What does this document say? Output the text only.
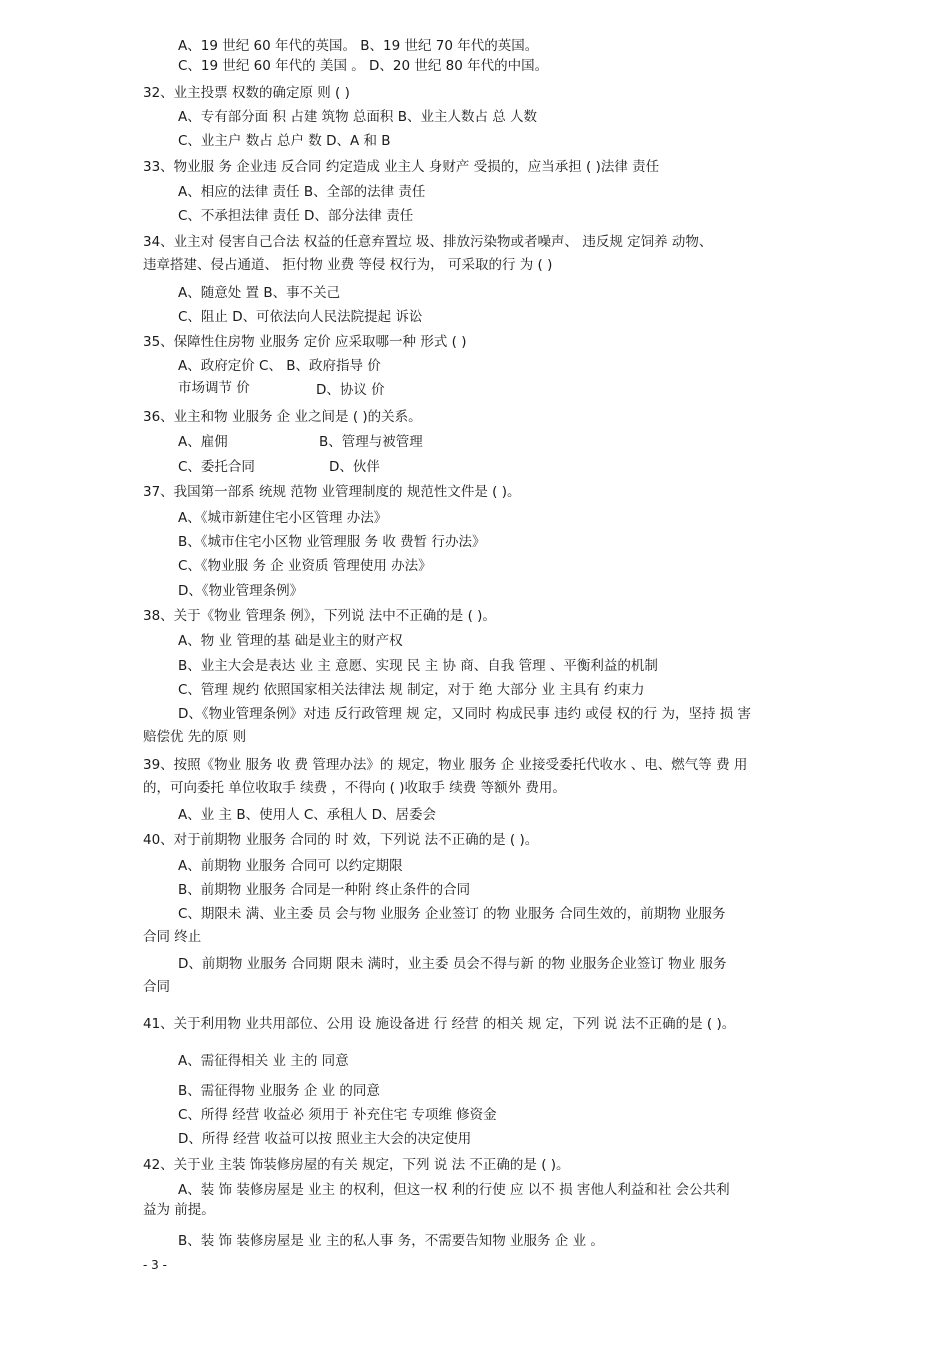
A、19 世纪 60 年代的英国。 B、19 世纪 70 年代的英国。
C、19 世纪 60 年代的 美国 。 D、20 世纪 80 年代的中国。
32、业主投票 权数的确定原 则 ( )
A、专有部分面 积 占建 筑物 总面积 B、业主人数占 总 人数
C、业主户 数占 总户 数 D、A 和 B
33、物业服 务 企业违 反合同 约定造成 业主人 身财产 受损的，应当承担 ( )法律 责任
A、相应的法律 责任 B、全部的法律 责任
C、不承担法律 责任 D、部分法律 责任
34、业主对 侵害自己合法 权益的任意弃置垃 圾、排放污染物或者噪声、 违反规 定饲养 动物、
违章搭建、侵占通道、 拒付物 业费 等侵 权行为， 可采取的行 为 ( )
A、随意处 置 B、事不关己
C、阻止 D、可依法向人民法院提起 诉讼
35、保障性住房物 业服务 定价 应采取哪一种 形式 ( )
A、政府定价 C、 B、政府指导 价
市场调节 价	D、协议 价
36、业主和物 业服务 企 业之间是 ( )的关系。
A、雇佣	B、管理与被管理
C、委托合同	D、伙伴
37、我国第一部系 统规 范物 业管理制度的 规范性文件是 ( )。
A、《城市新建住宅小区管理 办法》
B、《城市住宅小区物 业管理服 务 收 费暂 行办法》
C、《物业服 务 企 业资质 管理使用 办法》
D、《物业管理条例》
38、关于《物业 管理条 例》，下列说 法中不正确的是 ( )。
A、物 业 管理的基 础是业主的财产权
B、业主大会是表达 业 主 意愿、实现 民 主 协 商、自我 管理 、平衡利益的机制
C、管理 规约 依照国家相关法律法 规 制定，对于 绝 大部分 业 主具有 约束力
D、《物业管理条例》对违 反行政管理 规 定，又同时 构成民事 违约 或侵 权的行 为，坚持 损 害
赔偿优 先的原 则
39、按照《物业 服务 收 费 管理办法》的 规定，物业 服务 企 业接受委托代收水 、电、燃气等 费 用
的，可向委托 单位收取手 续费 ，不得向 ( )收取手 续费 等额外 费用。
A、业 主 B、使用人 C、承租人 D、居委会
40、对于前期物 业服务 合同的 时 效，下列说 法不正确的是 ( )。
A、前期物 业服务 合同可 以约定期限
B、前期物 业服务 合同是一种附 终止条件的合同
C、期限未 满、业主委 员 会与物 业服务 企业签订 的物 业服务 合同生效的，前期物 业服务
合同 终止
D、前期物 业服务 合同期 限未 满时，业主委 员会不得与新 的物 业服务企业签订 物业 服务
合同
41、关于利用物 业共用部位、公用 设 施设备进 行 经营 的相关 规 定，下列 说 法不正确的是 ( )。
A、需征得相关 业 主的 同意
B、需征得物 业服务 企 业 的同意
C、所得 经营 收益必 须用于 补充住宅 专项维 修资金
D、所得 经营 收益可以按 照业主大会的决定使用
42、关于业 主装 饰装修房屋的有关 规定，下列 说 法 不正确的是 ( )。
A、装 饰 装修房屋是 业主 的权利，但这一权 利的行使 应 以不 损 害他人利益和社 会公共利
益为 前提。
B、装 饰 装修房屋是 业 主的私人事 务，不需要告知物 业服务 企 业 。
- 3 -
